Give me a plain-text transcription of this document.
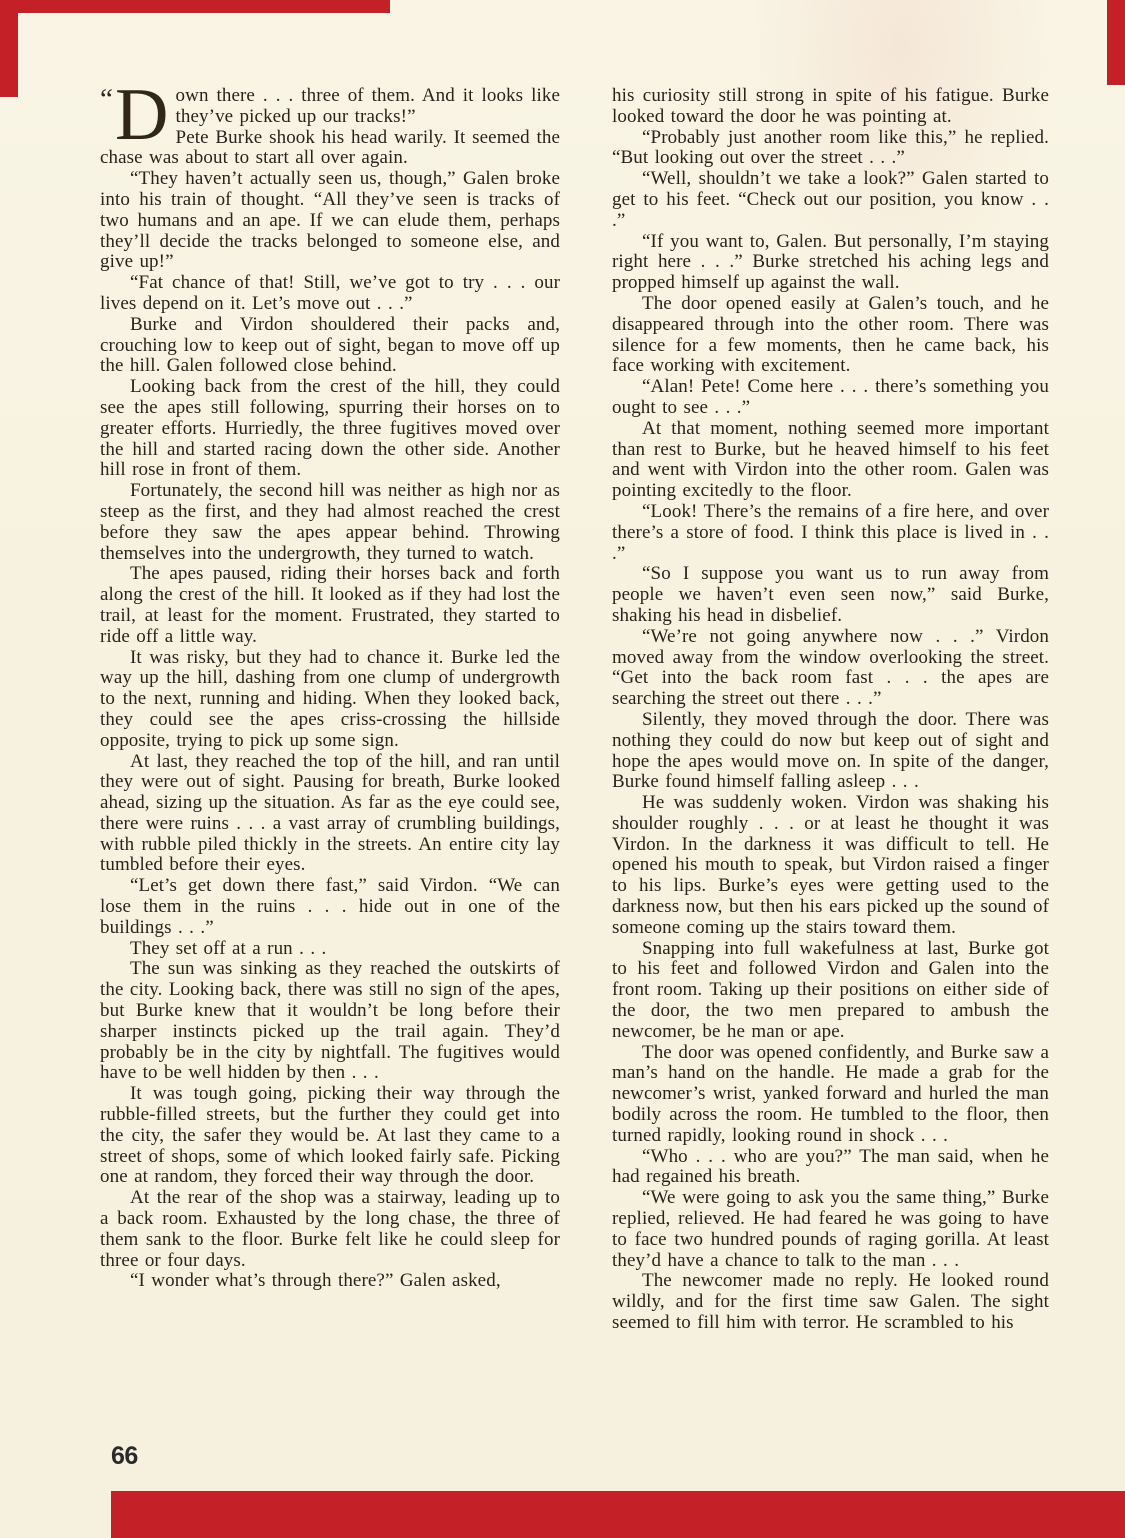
“ D own there . . . three of them. And it looks like they’ve picked up our tracks!”

Pete Burke shook his head warily. It seemed the chase was about to start all over again.

“They haven’t actually seen us, though,” Galen broke into his train of thought. “All they’ve seen is tracks of two humans and an ape. If we can elude them, perhaps they’ll decide the tracks belonged to someone else, and give up!”

“Fat chance of that! Still, we’ve got to try . . . our lives depend on it. Let’s move out . . .”

Burke and Virdon shouldered their packs and, crouching low to keep out of sight, began to move off up the hill. Galen followed close behind.

Looking back from the crest of the hill, they could see the apes still following, spurring their horses on to greater efforts. Hurriedly, the three fugitives moved over the hill and started racing down the other side. Another hill rose in front of them.

Fortunately, the second hill was neither as high nor as steep as the first, and they had almost reached the crest before they saw the apes appear behind. Throwing themselves into the undergrowth, they turned to watch.

The apes paused, riding their horses back and forth along the crest of the hill. It looked as if they had lost the trail, at least for the moment. Frustrated, they started to ride off a little way.

It was risky, but they had to chance it. Burke led the way up the hill, dashing from one clump of undergrowth to the next, running and hiding. When they looked back, they could see the apes criss-crossing the hillside opposite, trying to pick up some sign.

At last, they reached the top of the hill, and ran until they were out of sight. Pausing for breath, Burke looked ahead, sizing up the situation. As far as the eye could see, there were ruins . . . a vast array of crumbling buildings, with rubble piled thickly in the streets. An entire city lay tumbled before their eyes.

“Let’s get down there fast,” said Virdon. “We can lose them in the ruins . . . hide out in one of the buildings . . .”

They set off at a run . . .

The sun was sinking as they reached the outskirts of the city. Looking back, there was still no sign of the apes, but Burke knew that it wouldn’t be long before their sharper instincts picked up the trail again. They’d probably be in the city by nightfall. The fugitives would have to be well hidden by then . . .

It was tough going, picking their way through the rubble-filled streets, but the further they could get into the city, the safer they would be. At last they came to a street of shops, some of which looked fairly safe. Picking one at random, they forced their way through the door.

At the rear of the shop was a stairway, leading up to a back room. Exhausted by the long chase, the three of them sank to the floor. Burke felt like he could sleep for three or four days.

“I wonder what’s through there?” Galen asked,

his curiosity still strong in spite of his fatigue. Burke looked toward the door he was pointing at.

“Probably just another room like this,” he replied. “But looking out over the street . . .”

“Well, shouldn’t we take a look?” Galen started to get to his feet. “Check out our position, you know . . .”

“If you want to, Galen. But personally, I’m staying right here . . .” Burke stretched his aching legs and propped himself up against the wall.

The door opened easily at Galen’s touch, and he disappeared through into the other room. There was silence for a few moments, then he came back, his face working with excitement.

“Alan! Pete! Come here . . . there’s something you ought to see . . .”

At that moment, nothing seemed more important than rest to Burke, but he heaved himself to his feet and went with Virdon into the other room. Galen was pointing excitedly to the floor.

“Look! There’s the remains of a fire here, and over there’s a store of food. I think this place is lived in . . .”

“So I suppose you want us to run away from people we haven’t even seen now,” said Burke, shaking his head in disbelief.

“We’re not going anywhere now . . .” Virdon moved away from the window overlooking the street. “Get into the back room fast . . . the apes are searching the street out there . . .”

Silently, they moved through the door. There was nothing they could do now but keep out of sight and hope the apes would move on. In spite of the danger, Burke found himself falling asleep . . .

He was suddenly woken. Virdon was shaking his shoulder roughly . . . or at least he thought it was Virdon. In the darkness it was difficult to tell. He opened his mouth to speak, but Virdon raised a finger to his lips. Burke’s eyes were getting used to the darkness now, but then his ears picked up the sound of someone coming up the stairs toward them.

Snapping into full wakefulness at last, Burke got to his feet and followed Virdon and Galen into the front room. Taking up their positions on either side of the door, the two men prepared to ambush the newcomer, be he man or ape.

The door was opened confidently, and Burke saw a man’s hand on the handle. He made a grab for the newcomer’s wrist, yanked forward and hurled the man bodily across the room. He tumbled to the floor, then turned rapidly, looking round in shock . . .

“Who . . . who are you?” The man said, when he had regained his breath.

“We were going to ask you the same thing,” Burke replied, relieved. He had feared he was going to have to face two hundred pounds of raging gorilla. At least they’d have a chance to talk to the man . . .

The newcomer made no reply. He looked round wildly, and for the first time saw Galen. The sight seemed to fill him with terror. He scrambled to his

66
